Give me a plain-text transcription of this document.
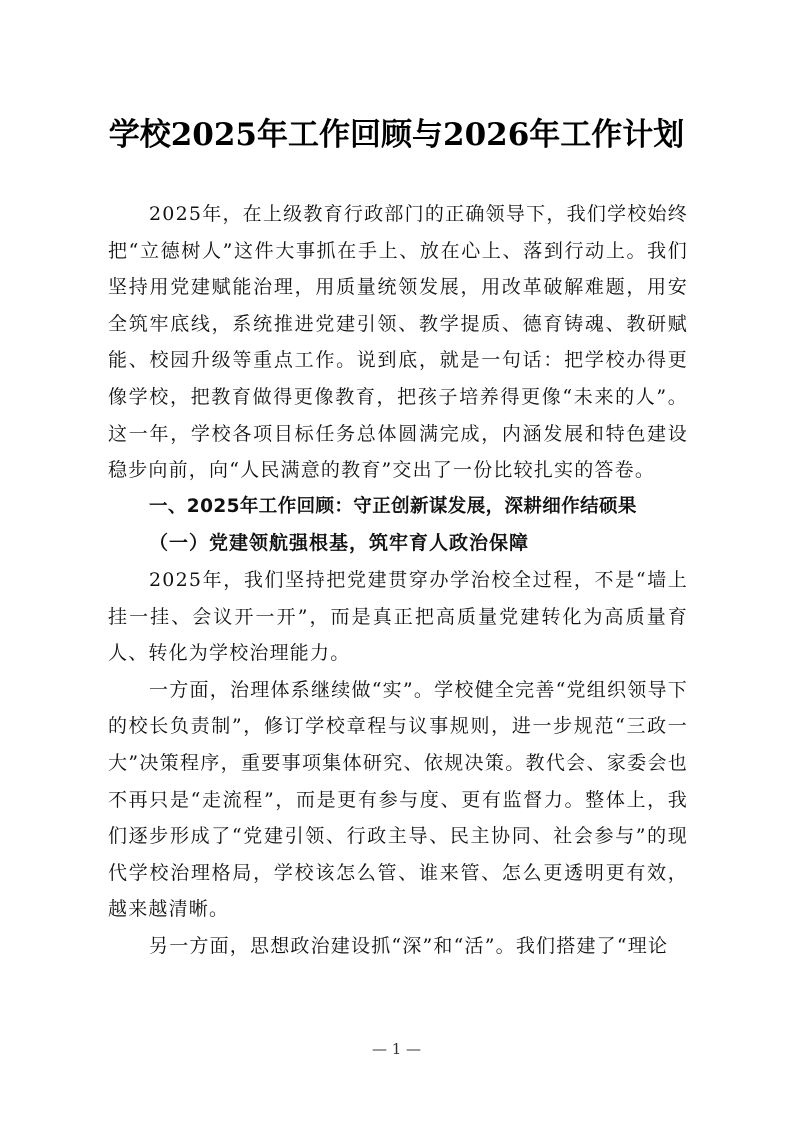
学校2025年工作回顾与2026年工作计划

2025年，在上级教育行政部门的正确领导下，我们学校始终把“立德树人”这件大事抓在手上、放在心上、落到行动上。我们坚持用党建赋能治理，用质量统领发展，用改革破解难题，用安全筑牢底线，系统推进党建引领、教学提质、德育铸魂、教研赋能、校园升级等重点工作。说到底，就是一句话：把学校办得更像学校，把教育做得更像教育，把孩子培养得更像“未来的人”。这一年，学校各项目标任务总体圆满完成，内涵发展和特色建设稳步向前，向“人民满意的教育”交出了一份比较扎实的答卷。

一、2025年工作回顾：守正创新谋发展，深耕细作结硕果
（一）党建领航强根基，筑牢育人政治保障

2025年，我们坚持把党建贯穿办学治校全过程，不是“墙上挂一挂、会议开一开”，而是真正把高质量党建转化为高质量育人、转化为学校治理能力。

一方面，治理体系继续做“实”。学校健全完善“党组织领导下的校长负责制”，修订学校章程与议事规则，进一步规范“三政一大”决策程序，重要事项集体研究、依规决策。教代会、家委会也不再只是“走流程”，而是更有参与度、更有监督力。整体上，我们逐步形成了“党建引领、行政主导、民主协同、社会参与”的现代学校治理格局，学校该怎么管、谁来管、怎么更透明更有效，越来越清晰。

另一方面，思想政治建设抓“深”和“活”。我们搭建了“理论

— 1 —
